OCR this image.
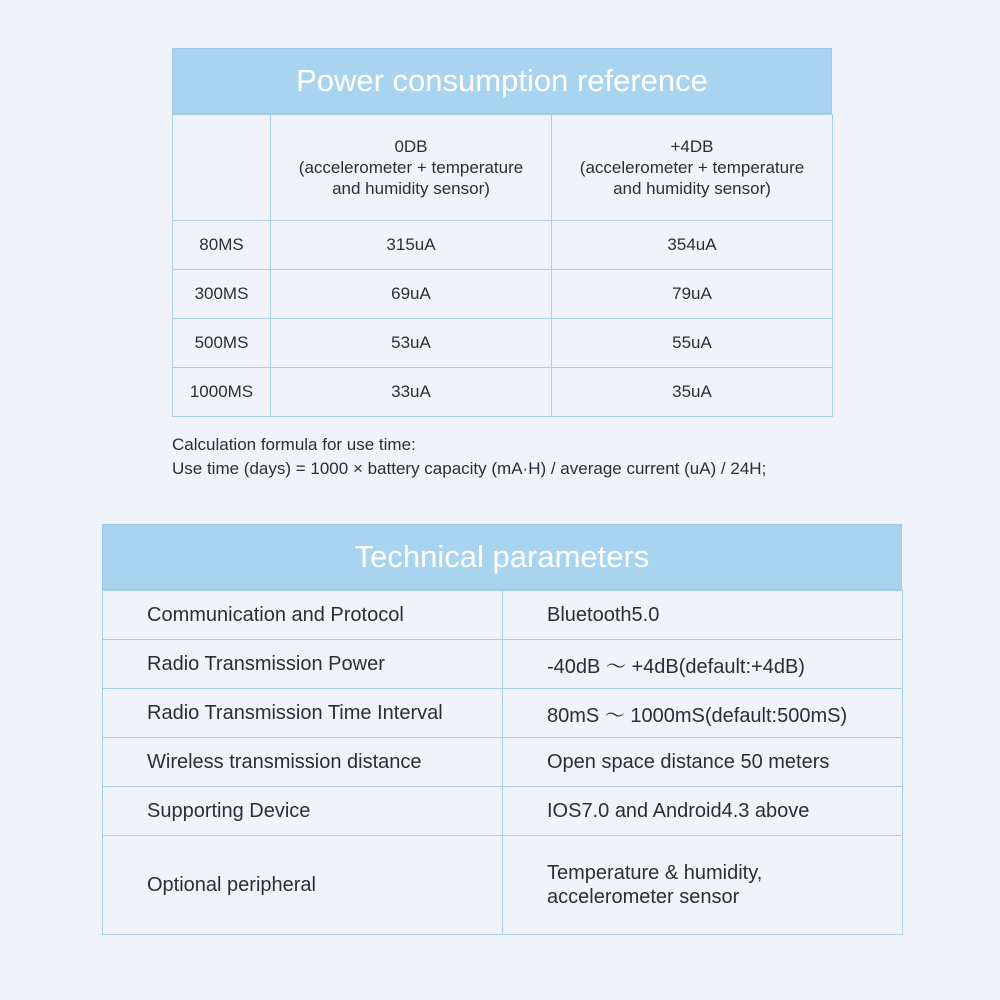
Power consumption reference

	0DB
(accelerometer + temperature
and humidity sensor)	+4DB
(accelerometer + temperature
and humidity sensor)

80MS	315uA	354uA
300MS	69uA	79uA
500MS	53uA	55uA
1000MS	33uA	35uA
Calculation formula for use time:
Use time (days) = 1000 × battery capacity (mA·H) / average current (uA) / 24H;
Technical parameters
Communication and Protocol	Bluetooth5.0
Radio Transmission Power	-40dB ～ +4dB(default:+4dB)
Radio Transmission Time Interval	80mS ～ 1000mS(default:500mS)
Wireless transmission distance	Open space distance 50 meters
Supporting Device	IOS7.0 and Android4.3 above
Optional peripheral	Temperature & humidity,
accelerometer sensor
